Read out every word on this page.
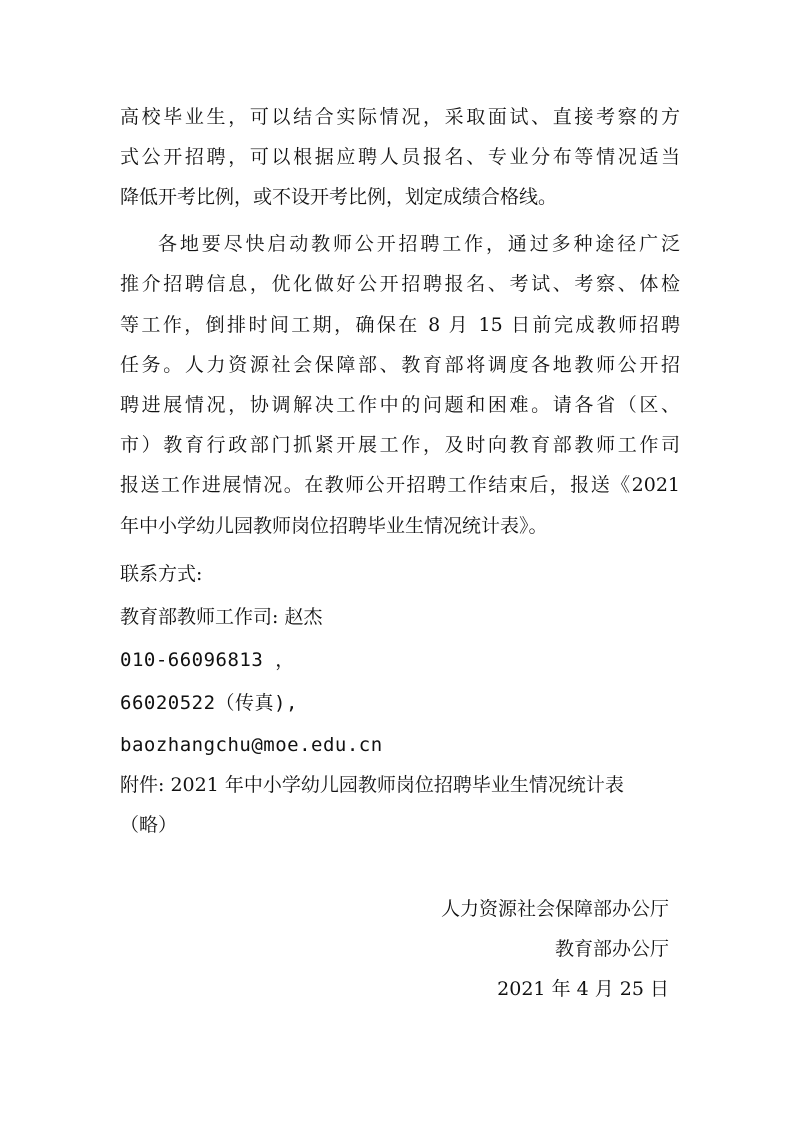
高校毕业生，可以结合实际情况，采取面试、直接考察的方
式公开招聘，可以根据应聘人员报名、专业分布等情况适当
降低开考比例，或不设开考比例，划定成绩合格线。
各地要尽快启动教师公开招聘工作，通过多种途径广泛
推介招聘信息，优化做好公开招聘报名、考试、考察、体检
等工作，倒排时间工期，确保在 8 月 15 日前完成教师招聘
任务。人力资源社会保障部、教育部将调度各地教师公开招
聘进展情况，协调解决工作中的问题和困难。请各省（区、
市）教育行政部门抓紧开展工作，及时向教育部教师工作司
报送工作进展情况。在教师公开招聘工作结束后，报送《2021
年中小学幼儿园教师岗位招聘毕业生情况统计表》。
联系方式:
教育部教师工作司: 赵杰
010-66096813 ，
66020522（传真),
baozhangchu@moe.edu.cn
附件: 2021 年中小学幼儿园教师岗位招聘毕业生情况统计表
（略）
人力资源社会保障部办公厅
教育部办公厅
2021 年 4 月 25 日
